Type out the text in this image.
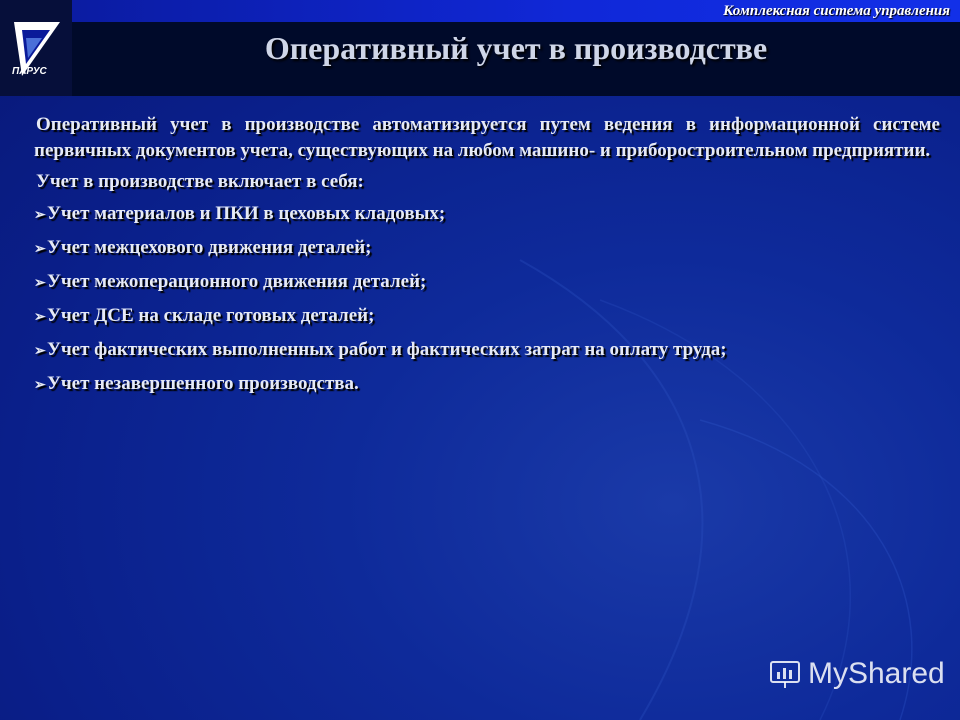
ПАРУС
Комплексная система управления
Оперативный учет в производстве

Оперативный учет в производстве автоматизируется путем ведения в информационной системе первичных документов учета, существующих на любом машино- и приборостроительном предприятии.

Учет в производстве включает в себя:
➢ Учет материалов и ПКИ в цеховых кладовых;
➢ Учет межцехового движения деталей;
➢ Учет межоперационного движения деталей;
➢ Учет ДСЕ на складе готовых деталей;
➢ Учет фактических выполненных работ и фактических затрат на оплату труда;
➢ Учет незавершенного производства.
MyShared
